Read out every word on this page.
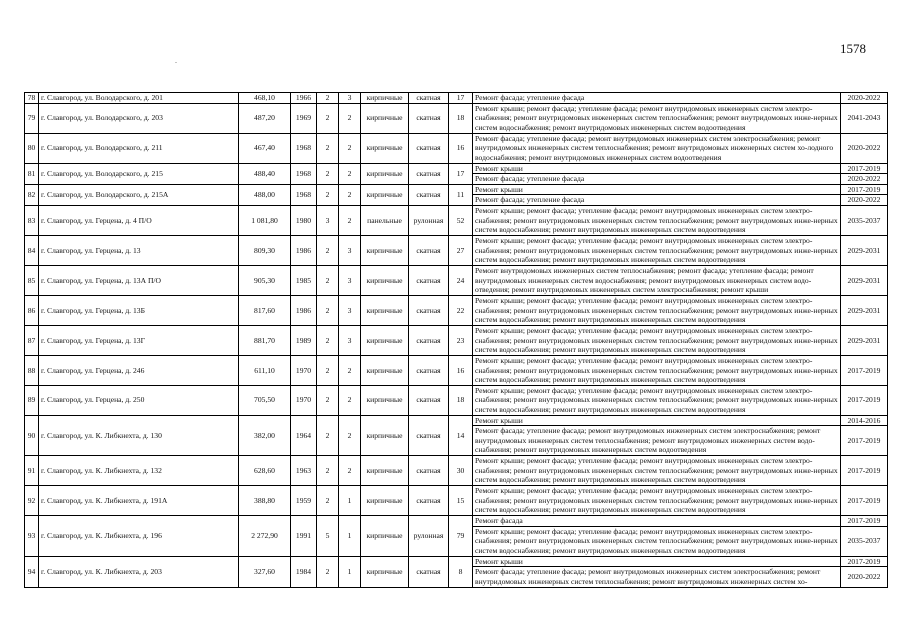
1578
.
78	г. Славгород, ул. Володарского, д. 201	468,10	1966	2	3	кирпичные	скатная	17	Ремонт фасада; утепление фасада	2020-2022
79	г. Славгород, ул. Володарского, д. 203	487,20	1969	2	2	кирпичные	скатная	18	Ремонт крыши; ремонт фасада; утепление фасада; ремонт внутридомовых инженерных систем электро-снабжения; ремонт внутридомовых инженерных систем теплоснабжения; ремонт внутридомовых инже-нерных систем водоснабжения; ремонт внутридомовых инженерных систем водоотведения	2041-2043
80	г. Славгород, ул. Володарского, д. 211	467,40	1968	2	2	кирпичные	скатная	16	Ремонт фасада; утепление фасада; ремонт внутридомовых инженерных систем электроснабжения; ремонт внутридомовых инженерных систем теплоснабжения; ремонт внутридомовых инженерных систем хо-лодного водоснабжения; ремонт внутридомовых инженерных систем водоотведения	2020-2022
81	г. Славгород, ул. Володарского, д. 215	488,40	1968	2	2	кирпичные	скатная	17	Ремонт крыши	2017-2019
									Ремонт фасада; утепление фасада	2020-2022
82	г. Славгород, ул. Володарского, д. 215А	488,00	1968	2	2	кирпичные	скатная	11	Ремонт крыши	2017-2019
									Ремонт фасада; утепление фасада	2020-2022
83	г. Славгород, ул. Герцена, д. 4 П/О	1 081,80	1980	3	2	панельные	рулонная	52	Ремонт крыши; ремонт фасада; утепление фасада; ремонт внутридомовых инженерных систем электро-снабжения; ремонт внутридомовых инженерных систем теплоснабжения; ремонт внутридомовых инже-нерных систем водоснабжения; ремонт внутридомовых инженерных систем водоотведения	2035-2037
84	г. Славгород, ул. Герцена, д. 13	809,30	1986	2	3	кирпичные	скатная	27	Ремонт крыши; ремонт фасада; утепление фасада; ремонт внутридомовых инженерных систем электро-снабжения; ремонт внутридомовых инженерных систем теплоснабжения; ремонт внутридомовых инже-нерных систем водоснабжения; ремонт внутридомовых инженерных систем водоотведения	2029-2031
85	г. Славгород, ул. Герцена, д. 13А П/О	905,30	1985	2	3	кирпичные	скатная	24	Ремонт внутридомовых инженерных систем теплоснабжения; ремонт фасада; утепление фасада; ремонт внутридомовых инженерных систем водоснабжения; ремонт внутридомовых инженерных систем водо-отведения; ремонт внутридомовых инженерных систем электроснабжения; ремонт крыши	2029-2031
86	г. Славгород, ул. Герцена, д. 13Б	817,60	1986	2	3	кирпичные	скатная	22	Ремонт крыши; ремонт фасада; утепление фасада; ремонт внутридомовых инженерных систем электро-снабжения; ремонт внутридомовых инженерных систем теплоснабжения; ремонт внутридомовых инже-нерных систем водоснабжения; ремонт внутридомовых инженерных систем водоотведения	2029-2031
87	г. Славгород, ул. Герцена, д. 13Г	881,70	1989	2	3	кирпичные	скатная	23	Ремонт крыши; ремонт фасада; утепление фасада; ремонт внутридомовых инженерных систем электро-снабжения; ремонт внутридомовых инженерных систем теплоснабжения; ремонт внутридомовых инже-нерных систем водоснабжения; ремонт внутридомовых инженерных систем водоотведения	2029-2031
88	г. Славгород, ул. Герцена, д. 246	611,10	1970	2	2	кирпичные	скатная	16	Ремонт крыши; ремонт фасада; утепление фасада; ремонт внутридомовых инженерных систем электро-снабжения; ремонт внутридомовых инженерных систем теплоснабжения; ремонт внутридомовых инже-нерных систем водоснабжения; ремонт внутридомовых инженерных систем водоотведения	2017-2019
89	г. Славгород, ул. Герцена, д. 250	705,50	1970	2	2	кирпичные	скатная	18	Ремонт крыши; ремонт фасада; утепление фасада; ремонт внутридомовых инженерных систем электро-снабжения; ремонт внутридомовых инженерных систем теплоснабжения; ремонт внутридомовых инже-нерных систем водоснабжения; ремонт внутридомовых инженерных систем водоотведения	2017-2019
90	г. Славгород, ул. К. Либкнехта, д. 130	382,00	1964	2	2	кирпичные	скатная	14	Ремонт крыши	2014-2016
									Ремонт фасада; утепление фасада; ремонт внутридомовых инженерных систем электроснабжения; ремонт внутридомовых инженерных систем теплоснабжения; ремонт внутридомовых инженерных систем водо-снабжения; ремонт внутридомовых инженерных систем водоотведения	2017-2019
91	г. Славгород, ул. К. Либкнехта, д. 132	628,60	1963	2	2	кирпичные	скатная	30	Ремонт крыши; ремонт фасада; утепление фасада; ремонт внутридомовых инженерных систем электро-снабжения; ремонт внутридомовых инженерных систем теплоснабжения; ремонт внутридомовых инже-нерных систем водоснабжения; ремонт внутридомовых инженерных систем водоотведения	2017-2019
92	г. Славгород, ул. К. Либкнехта, д. 191А	388,80	1959	2	1	кирпичные	скатная	15	Ремонт крыши; ремонт фасада; утепление фасада; ремонт внутридомовых инженерных систем электро-снабжения; ремонт внутридомовых инженерных систем теплоснабжения; ремонт внутридомовых инже-нерных систем водоснабжения; ремонт внутридомовых инженерных систем водоотведения	2017-2019
93	г. Славгород, ул. К. Либкнехта, д. 196	2 272,90	1991	5	1	кирпичные	рулонная	79	Ремонт фасада	2017-2019
									Ремонт крыши; ремонт фасада; утепление фасада; ремонт внутридомовых инженерных систем электро-снабжения; ремонт внутридомовых инженерных систем теплоснабжения; ремонт внутридомовых инже-нерных систем водоснабжения; ремонт внутридомовых инженерных систем водоотведения	2035-2037
94	г. Славгород, ул. К. Либкнехта, д. 203	327,60	1984	2	1	кирпичные	скатная	8	Ремонт крыши	2017-2019
									Ремонт фасада; утепление фасада; ремонт внутридомовых инженерных систем электроснабжения; ремонт внутридомовых инженерных систем теплоснабжения; ремонт внутридомовых инженерных систем хо-	2020-2022
